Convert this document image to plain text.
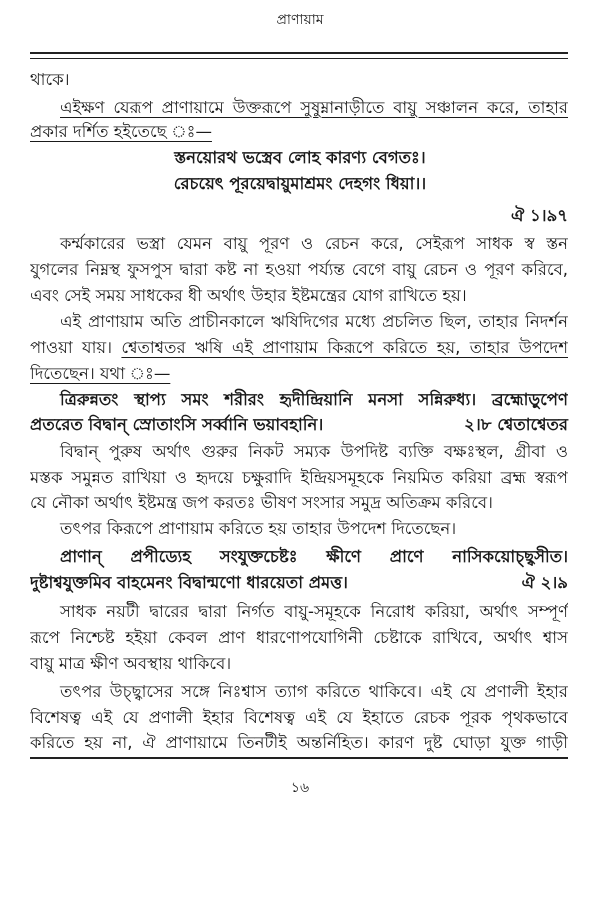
প্রাণায়াম
থাকে।
এইক্ষণ যেরূপ প্রাণায়ামে উক্তরূপে সুষুম্নানাড়ীতে বায়ু সঞ্চালন করে, তাহার
প্রকার দর্শিত হইতেছে ঃ—
স্তনয়োরথ ভস্ত্রেব লোহ কারণ্য বেগতঃ।
রেচয়েৎ পূরয়েদ্বায়ুমাশ্রমং দেহগং ধিয়া।।
ঐ ১।৯৭
কর্ম্মকারের ভস্ত্রা যেমন বায়ু পূরণ ও রেচন করে, সেইরূপ সাধক স্ব স্তন
যুগলের নিম্নস্থ ফুসপুস দ্বারা কষ্ট না হওয়া পর্য্যন্ত বেগে বায়ু রেচন ও পূরণ করিবে,
এবং সেই সময় সাধকের ধী অর্থাৎ উহার ইষ্টমন্ত্রের যোগ রাখিতে হয়।
এই প্রাণায়াম অতি প্রাচীনকালে ঋষিদিগের মধ্যে প্রচলিত ছিল, তাহার নিদর্শন
পাওয়া যায়। শ্বেতাশ্বতর ঋষি এই প্রাণায়াম কিরূপে করিতে হয়, তাহার উপদেশ
দিতেছেন। যথা ঃ—
ত্রিরুন্নতং স্থাপ্য সমং শরীরং হৃদীন্দ্রিয়ানি মনসা সন্নিরুধ্য। ব্রহ্মোড়ুপেণ
প্রতরেত বিদ্বান্ স্রোতাংসি সর্ব্বানি ভয়াবহানি।	২।৮ শ্বেতাশ্বেতর
বিদ্বান্ পুরুষ অর্থাৎ গুরুর নিকট সম্যক উপদিষ্ট ব্যক্তি বক্ষঃস্থল, গ্রীবা ও
মস্তক সমুন্নত রাখিয়া ও হৃদয়ে চক্ষুরাদি ইন্দ্রিয়সমূহকে নিয়মিত করিয়া ব্রহ্ম স্বরূপ
যে নৌকা অর্থাৎ ইষ্টমন্ত্র জপ করতঃ ভীষণ সংসার সমুদ্র অতিক্রম করিবে।
তৎপর কিরূপে প্রাণায়াম করিতে হয় তাহার উপদেশ দিতেছেন।
প্রাণান্ প্রপীড্যেহ সংযুক্তচেষ্টঃ ক্ষীণে প্রাণে নাসিকয়োচ্ছ্বসীত।
দুষ্টাশ্বযুক্তমিব বাহমেনং বিদ্বান্মণো ধারয়েতা প্রমত্ত।	ঐ ২।৯
সাধক নয়টী দ্বারের দ্বারা নির্গত বায়ু-সমূহকে নিরোধ করিয়া, অর্থাৎ সম্পূর্ণ
রূপে নিশ্চেষ্ট হইয়া কেবল প্রাণ ধারণোপযোগিনী চেষ্টাকে রাখিবে, অর্থাৎ শ্বাস
বায়ু মাত্র ক্ষীণ অবস্থায় থাকিবে।
তৎপর উচ্ছ্বাসের সঙ্গে নিঃশ্বাস ত্যাগ করিতে থাকিবে। এই যে প্রণালী ইহার
বিশেষত্ব এই যে প্রণালী ইহার বিশেষত্ব এই যে ইহাতে রেচক পূরক পৃথকভাবে
করিতে হয় না, ঐ প্রাণায়ামে তিনটীই অন্তর্নিহিত। কারণ দুষ্ট ঘোড়া যুক্ত গাড়ী
১৬
